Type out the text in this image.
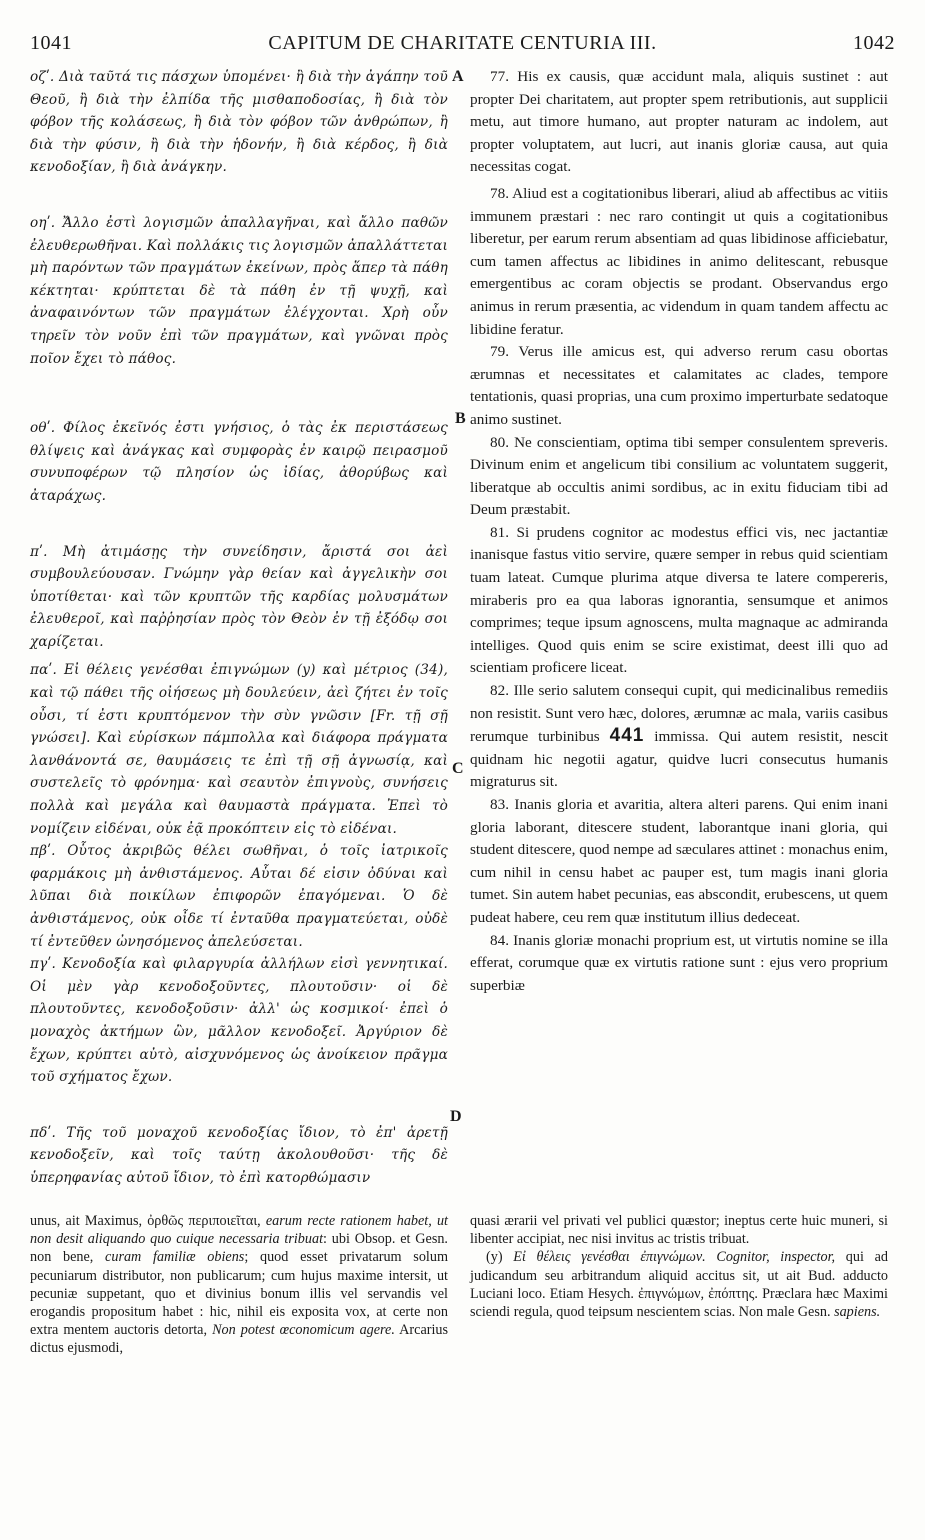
1041	CAPITUM DE CHARITATE CENTURIA III.	1042
A
B
C
D

οζʹ. Διὰ ταῦτά τις πάσχων ὑπομένει· ἢ διὰ τὴν ἀγάπην τοῦ Θεοῦ, ἢ διὰ τὴν ἐλπίδα τῆς μισθαποδοσίας, ἢ διὰ τὸν φόβον τῆς κολάσεως, ἢ διὰ τὸν φόβον τῶν ἀνθρώπων, ἢ διὰ τὴν φύσιν, ἢ διὰ τὴν ἡδονήν, ἢ διὰ κέρδος, ἢ διὰ κενοδοξίαν, ἢ διὰ ἀνάγκην.

οηʹ. Ἄλλο ἐστὶ λογισμῶν ἀπαλλαγῆναι, καὶ ἄλλο παθῶν ἐλευθερωθῆναι. Καὶ πολλάκις τις λογισμῶν ἀπαλλάττεται μὴ παρόντων τῶν πραγμάτων ἐκείνων, πρὸς ἅπερ τὰ πάθη κέκτηται· κρύπτεται δὲ τὰ πάθη ἐν τῇ ψυχῇ, καὶ ἀναφαινόντων τῶν πραγμάτων ἐλέγχονται. Χρὴ οὖν τηρεῖν τὸν νοῦν ἐπὶ τῶν πραγμάτων, καὶ γνῶναι πρὸς ποῖον ἔχει τὸ πάθος.

οθʹ. Φίλος ἐκεῖνός ἐστι γνήσιος, ὁ τὰς ἐκ περιστάσεως θλίψεις καὶ ἀνάγκας καὶ συμφορὰς ἐν καιρῷ πειρασμοῦ συνυποφέρων τῷ πλησίον ὡς ἰδίας, ἀθορύβως καὶ ἀταράχως.

πʹ. Μὴ ἀτιμάσῃς τὴν συνείδησιν, ἄριστά σοι ἀεὶ συμβουλεύουσαν. Γνώμην γὰρ θείαν καὶ ἀγγελικὴν σοι ὑποτίθεται· καὶ τῶν κρυπτῶν τῆς καρδίας μολυσμάτων ἐλευθεροῖ, καὶ παῤῥησίαν πρὸς τὸν Θεὸν ἐν τῇ ἐξόδῳ σοι χαρίζεται.

παʹ. Εἰ θέλεις γενέσθαι ἐπιγνώμων (y) καὶ μέτριος (34), καὶ τῷ πάθει τῆς οἰήσεως μὴ δουλεύειν, ἀεὶ ζήτει ἐν τοῖς οὖσι, τί ἐστι κρυπτόμενον τὴν σὺν γνῶσιν [Fr. τῇ σῇ γνώσει]. Καὶ εὑρίσκων πάμπολλα καὶ διάφορα πράγματα λανθάνοντά σε, θαυμάσεις τε ἐπὶ τῇ σῇ ἀγνωσίᾳ, καὶ συστελεῖς τὸ φρόνημα· καὶ σεαυτὸν ἐπιγνοὺς, συνήσεις πολλὰ καὶ μεγάλα καὶ θαυμαστὰ πράγματα. Ἐπεὶ τὸ νομίζειν εἰδέναι, οὐκ ἐᾷ προκόπτειν εἰς τὸ εἰδέναι.

πβʹ. Οὗτος ἀκριβῶς θέλει σωθῆναι, ὁ τοῖς ἰατρικοῖς φαρμάκοις μὴ ἀνθιστάμενος. Αὗται δέ εἰσιν ὀδύναι καὶ λῦπαι διὰ ποικίλων ἐπιφορῶν ἐπαγόμεναι. Ὁ δὲ ἀνθιστάμενος, οὐκ οἶδε τί ἐνταῦθα πραγματεύεται, οὐδὲ τί ἐντεῦθεν ὠνησόμενος ἀπελεύσεται.

πγʹ. Κενοδοξία καὶ φιλαργυρία ἀλλήλων εἰσὶ γεννητικαί. Οἱ μὲν γὰρ κενοδοξοῦντες, πλουτοῦσιν· οἱ δὲ πλουτοῦντες, κενοδοξοῦσιν· ἀλλ' ὡς κοσμικοί· ἐπεὶ ὁ μοναχὸς ἀκτήμων ὢν, μᾶλλον κενοδοξεῖ. Ἀργύριον δὲ ἔχων, κρύπτει αὐτὸ, αἰσχυνόμενος ὡς ἀνοίκειον πρᾶγμα τοῦ σχήματος ἔχων.

πδʹ. Τῆς τοῦ μοναχοῦ κενοδοξίας ἴδιον, τὸ ἐπ' ἀρετῇ κενοδοξεῖν, καὶ τοῖς ταύτῃ ἀκολουθοῦσι· τῆς δὲ ὑπερηφανίας αὐτοῦ ἴδιον, τὸ ἐπὶ κατορθώμασιν

77. His ex causis, quæ accidunt mala, aliquis sustinet : aut propter Dei charitatem, aut propter spem retributionis, aut supplicii metu, aut timore humano, aut propter naturam ac indolem, aut propter voluptatem, aut lucri, aut inanis gloriæ causa, aut quia necessitas cogat.

78. Aliud est a cogitationibus liberari, aliud ab affectibus ac vitiis immunem præstari : nec raro contingit ut quis a cogitationibus liberetur, per earum rerum absentiam ad quas libidinose afficiebatur, cum tamen affectus ac libidines in animo delitescant, rebusque emergentibus ac coram objectis se prodant. Observandus ergo animus in rerum præsentia, ac videndum in quam tandem affectu ac libidine feratur.

79. Verus ille amicus est, qui adverso rerum casu obortas ærumnas et necessitates et calamitates ac clades, tempore tentationis, quasi proprias, una cum proximo imperturbate sedatoque animo sustinet.

80. Ne conscientiam, optima tibi semper consulentem spreveris. Divinum enim et angelicum tibi consilium ac voluntatem suggerit, liberatque ab occultis animi sordibus, ac in exitu fiduciam tibi ad Deum præstabit.

81. Si prudens cognitor ac modestus effici vis, nec jactantiæ inanisque fastus vitio servire, quære semper in rebus quid scientiam tuam lateat. Cumque plurima atque diversa te latere compereris, miraberis pro ea qua laboras ignorantia, sensumque et animos comprimes; teque ipsum agnoscens, multa magnaque ac admiranda intelliges. Quod quis enim se scire existimat, deest illi quo ad scientiam proficere liceat.

82. Ille serio salutem consequi cupit, qui medicinalibus remediis non resistit. Sunt vero hæc, dolores, ærumnæ ac mala, variis casibus rerumque turbinibus 441 immissa. Qui autem resistit, nescit quidnam hic negotii agatur, quidve lucri consecutus humanis migraturus sit.

83. Inanis gloria et avaritia, altera alteri parens. Qui enim inani gloria laborant, ditescere student, laborantque inani gloria, qui student ditescere, quod nempe ad sæculares attinet : monachus enim, cum nihil in censu habet ac pauper est, tum magis inani gloria tumet. Sin autem habet pecunias, eas abscondit, erubescens, ut quem pudeat habere, ceu rem quæ institutum illius dedeceat.

84. Inanis gloriæ monachi proprium est, ut virtutis nomine se illa efferat, corumque quæ ex virtutis ratione sunt : ejus vero proprium superbiæ

unus, ait Maximus, ὀρθῶς περιποιεῖται, earum recte rationem habet, ut non desit aliquando quo cuique necessaria tribuat: ubi Obsop. et Gesn. non bene, curam familiæ obiens; quod esset privatarum solum pecuniarum distributor, non publicarum; cum hujus maxime intersit, ut pecuniæ suppetant, quo et divinius bonum illis vel servandis vel erogandis propositum habet : hic, nihil eis exposita vox, at certe non extra mentem auctoris detorta, Non potest œconomicum agere. Arcarius dictus ejusmodi,

quasi ærarii vel privati vel publici quæstor; ineptus certe huic muneri, si libenter accipiat, nec nisi invitus ac tristis tribuat.

(y) Εἰ θέλεις γενέσθαι ἐπιγνώμων. Cognitor, inspector, qui ad judicandum seu arbitrandum aliquid accitus sit, ut ait Bud. adducto Luciani loco. Etiam Hesych. ἐπιγνώμων, ἐπόπτης. Præclara hæc Maximi sciendi regula, quod teipsum nescientem scias. Non male Gesn. sapiens.
